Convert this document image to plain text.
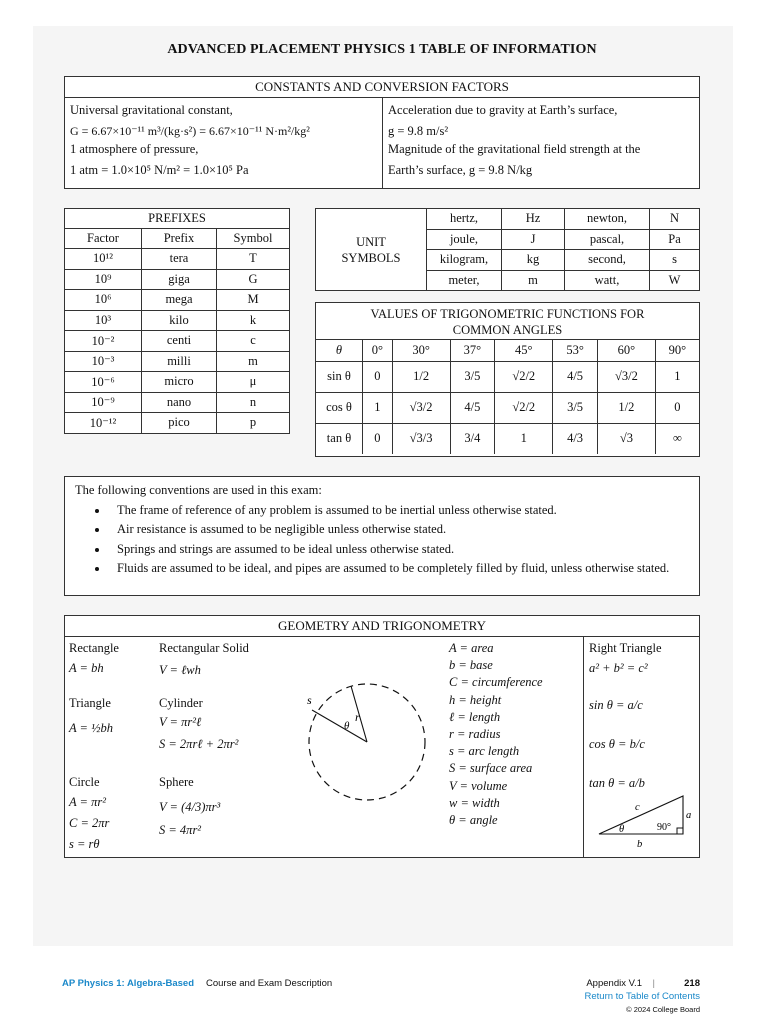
ADVANCED PLACEMENT PHYSICS 1 TABLE OF INFORMATION
CONSTANTS AND CONVERSION FACTORS
Universal gravitational constant,
G = 6.67×10⁻¹¹ m³/(kg·s²) = 6.67×10⁻¹¹ N·m²/kg²
1 atmosphere of pressure,
1 atm = 1.0×10⁵ N/m² = 1.0×10⁵ Pa
Acceleration due to gravity at Earth’s surface,
g = 9.8 m/s²
Magnitude of the gravitational field strength at the
Earth’s surface, g = 9.8 N/kg
PREFIXES		
Factor	Prefix	Symbol
10¹²	tera	T
10⁹	giga	G
10⁶	mega	M
10³	kilo	k
10⁻²	centi	c
10⁻³	milli	m
10⁻⁶	micro	μ
10⁻⁹	nano	n
10⁻¹²	pico	p
UNIT
SYMBOLS	hertz,	Hz	newton,	N
	joule,	J	pascal,	Pa
	kilogram,	kg	second,	s
	meter,	m	watt,	W
VALUES OF TRIGONOMETRIC FUNCTIONS FOR
COMMON ANGLES
θ	0°	30°	37°	45°	53°	60°	90°
sin θ	0	1/2	3/5	√2/2	4/5	√3/2	1
cos θ	1	√3/2	4/5	√2/2	3/5	1/2	0
tan θ	0	√3/3	3/4	1	4/3	√3	∞
The following conventions are used in this exam:
• The frame of reference of any problem is assumed to be inertial unless otherwise stated.
• Air resistance is assumed to be negligible unless otherwise stated.
• Springs and strings are assumed to be ideal unless otherwise stated.
• Fluids are assumed to be ideal, and pipes are assumed to be completely filled by fluid, unless otherwise stated.
GEOMETRY AND TRIGONOMETRY
Rectangle
A = bh
Triangle
A = ½bh
Circle
A = πr²
C = 2πr
s = rθ
Rectangular Solid
V = ℓwh
Cylinder
V = πr²ℓ
S = 2πrℓ + 2πr²
Sphere
V = (4/3)πr³
S = 4πr²
s
θ
r
A = area
b = base
C = circumference
h = height
ℓ = length
r = radius
s = arc length
S = surface area
V = volume
w = width
θ = angle
Right Triangle
a² + b² = c²
sin θ = a/c
cos θ = b/c
tan θ = a/b
c
a
b
θ	90°
AP Physics 1: Algebra-Based Course and Exam Description	Appendix V.1 |	218
Return to Table of Contents
© 2024 College Board
